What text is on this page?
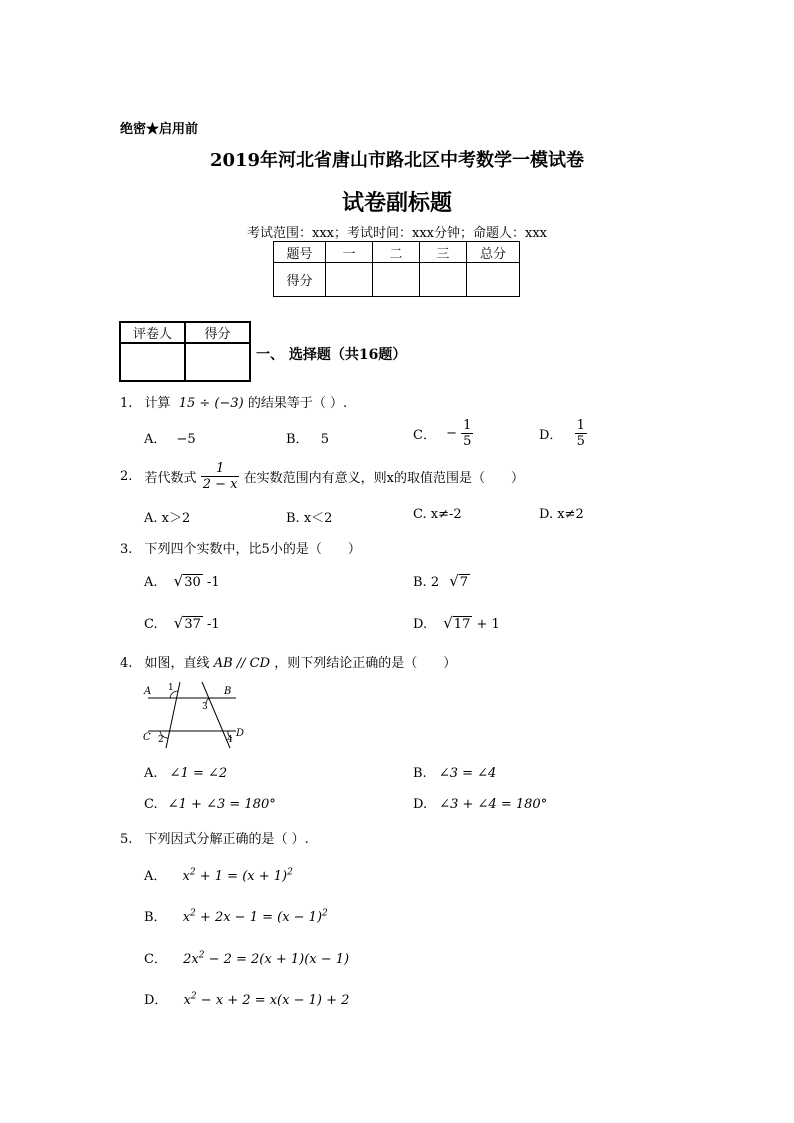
绝密★启用前
2019年河北省唐山市路北区中考数学一模试卷
试卷副标题
考试范围：xxx；考试时间：xxx分钟；命题人：xxx
题号	一	二	三	总分
得分				
评卷人	得分

一、 选择题（共16题）
1. 计算 15 ÷ (−3) 的结果等于（ ）.
A． −5	B． 5	C． − $\frac{1}{5}$	D． $\frac{1}{5}$
2. 若代数式 $\frac{1}{2 - x}$ 在实数范围内有意义，则x的取值范围是（　　）
A. x＞2	B. x＜2	C. x≠-2	D. x≠2
3. 下列四个实数中，比5小的是（　　）
A. √30 -1	B. 2 √7
C. √37 -1	D. √17 + 1
4. 如图，直线 AB // CD ，则下列结论正确的是（　　）
A	B
C	D
1
2
3
4
A. ∠1 = ∠2	B. ∠3 = ∠4
C. ∠1 + ∠3 = 180°	D. ∠3 + ∠4 = 180°
5. 下列因式分解正确的是（ ）.
A． $x^2 + 1 = (x + 1)^2$
B． $x^2 + 2x - 1 = (x - 1)^2$
C． $2x^2 - 2 = 2(x + 1)(x - 1)$
D． $x^2 - x + 2 = x(x - 1) + 2$
